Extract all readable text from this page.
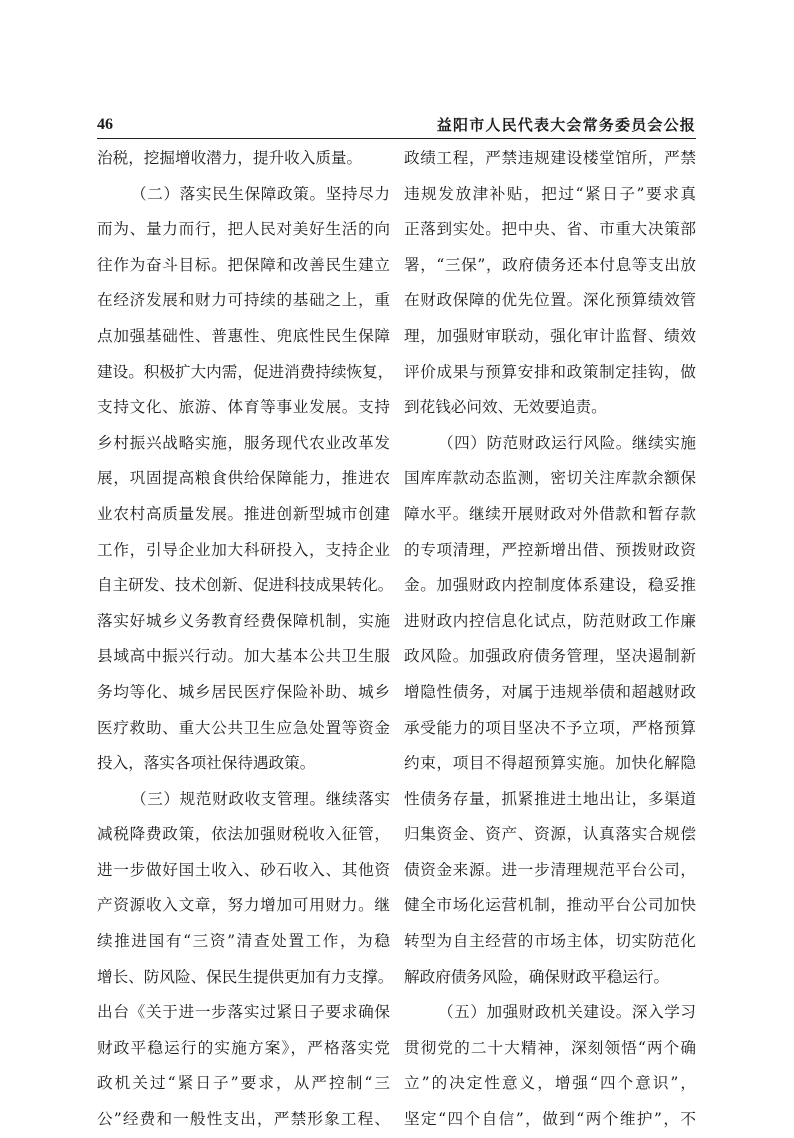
46	益阳市人民代表大会常务委员会公报
治税，挖掘增收潜力，提升收入质量。
（二）落实民生保障政策。坚持尽力
而为、量力而行，把人民对美好生活的向
往作为奋斗目标。把保障和改善民生建立
在经济发展和财力可持续的基础之上，重
点加强基础性、普惠性、兜底性民生保障
建设。积极扩大内需，促进消费持续恢复，
支持文化、旅游、体育等事业发展。支持
乡村振兴战略实施，服务现代农业改革发
展，巩固提高粮食供给保障能力，推进农
业农村高质量发展。推进创新型城市创建
工作，引导企业加大科研投入，支持企业
自主研发、技术创新、促进科技成果转化。
落实好城乡义务教育经费保障机制，实施
县域高中振兴行动。加大基本公共卫生服
务均等化、城乡居民医疗保险补助、城乡
医疗救助、重大公共卫生应急处置等资金
投入，落实各项社保待遇政策。
（三）规范财政收支管理。继续落实
减税降费政策，依法加强财税收入征管，
进一步做好国土收入、砂石收入、其他资
产资源收入文章，努力增加可用财力。继
续推进国有“三资”清查处置工作，为稳
增长、防风险、保民生提供更加有力支撑。
出台《关于进一步落实过紧日子要求确保
财政平稳运行的实施方案》，严格落实党
政机关过“紧日子”要求，从严控制“三
公”经费和一般性支出，严禁形象工程、
政绩工程，严禁违规建设楼堂馆所，严禁
违规发放津补贴，把过“紧日子”要求真
正落到实处。把中央、省、市重大决策部
署，“三保”，政府债务还本付息等支出放
在财政保障的优先位置。深化预算绩效管
理，加强财审联动，强化审计监督、绩效
评价成果与预算安排和政策制定挂钩，做
到花钱必问效、无效要追责。
（四）防范财政运行风险。继续实施
国库库款动态监测，密切关注库款余额保
障水平。继续开展财政对外借款和暂存款
的专项清理，严控新增出借、预拨财政资
金。加强财政内控制度体系建设，稳妥推
进财政内控信息化试点，防范财政工作廉
政风险。加强政府债务管理，坚决遏制新
增隐性债务，对属于违规举债和超越财政
承受能力的项目坚决不予立项，严格预算
约束，项目不得超预算实施。加快化解隐
性债务存量，抓紧推进土地出让，多渠道
归集资金、资产、资源，认真落实合规偿
债资金来源。进一步清理规范平台公司，
健全市场化运营机制，推动平台公司加快
转型为自主经营的市场主体，切实防范化
解政府债务风险，确保财政平稳运行。
（五）加强财政机关建设。深入学习
贯彻党的二十大精神，深刻领悟“两个确
立”的决定性意义，增强“四个意识”，
坚定“四个自信”，做到“两个维护”，不
